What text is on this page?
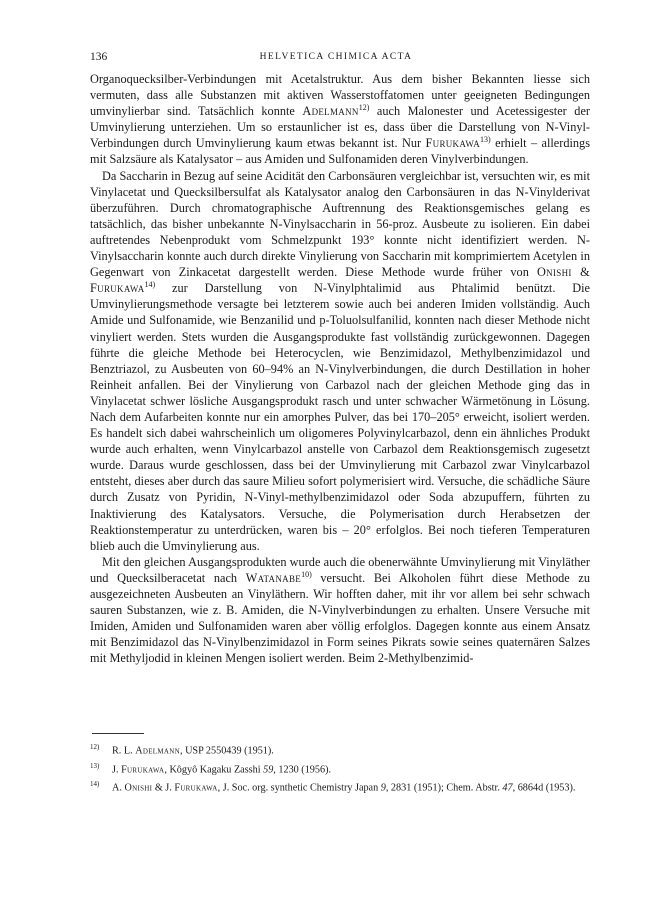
136	HELVETICA CHIMICA ACTA

Organoquecksilber-Verbindungen mit Acetalstruktur. Aus dem bisher Bekannten liesse sich vermuten, dass alle Substanzen mit aktiven Wasserstoffatomen unter geeigneten Bedingungen umvinylierbar sind. Tatsächlich konnte Adelmann$^{12)}$ auch Malonester und Acetessigester der Umvinylierung unterziehen. Um so erstaunlicher ist es, dass über die Darstellung von N-Vinyl-Verbindungen durch Umvinylierung kaum etwas bekannt ist. Nur Furukawa$^{13)}$ erhielt – allerdings mit Salzsäure als Katalysator – aus Amiden und Sulfonamiden deren Vinylverbindungen.

Da Saccharin in Bezug auf seine Acidität den Carbonsäuren vergleichbar ist, versuchten wir, es mit Vinylacetat und Quecksilbersulfat als Katalysator analog den Carbonsäuren in das N-Vinylderivat überzuführen. Durch chromatographische Auftrennung des Reaktionsgemisches gelang es tatsächlich, das bisher unbekannte N-Vinylsaccharin in 56-proz. Ausbeute zu isolieren. Ein dabei auftretendes Nebenprodukt vom Schmelzpunkt 193° konnte nicht identifiziert werden. N-Vinylsaccharin konnte auch durch direkte Vinylierung von Saccharin mit komprimiertem Acetylen in Gegenwart von Zinkacetat dargestellt werden. Diese Methode wurde früher von Onishi & Furukawa$^{14)}$ zur Darstellung von N-Vinylphtalimid aus Phtalimid benützt. Die Umvinylierungsmethode versagte bei letzterem sowie auch bei anderen Imiden vollständig. Auch Amide und Sulfonamide, wie Benzanilid und p-Toluolsulfanilid, konnten nach dieser Methode nicht vinyliert werden. Stets wurden die Ausgangsprodukte fast vollständig zurückgewonnen. Dagegen führte die gleiche Methode bei Heterocyclen, wie Benzimidazol, Methylbenzimidazol und Benztriazol, zu Ausbeuten von 60–94% an N-Vinylverbindungen, die durch Destillation in hoher Reinheit anfallen. Bei der Vinylierung von Carbazol nach der gleichen Methode ging das in Vinylacetat schwer lösliche Ausgangsprodukt rasch und unter schwacher Wärmetönung in Lösung. Nach dem Aufarbeiten konnte nur ein amorphes Pulver, das bei 170–205° erweicht, isoliert werden. Es handelt sich dabei wahrscheinlich um oligomeres Polyvinylcarbazol, denn ein ähnliches Produkt wurde auch erhalten, wenn Vinylcarbazol anstelle von Carbazol dem Reaktionsgemisch zugesetzt wurde. Daraus wurde geschlossen, dass bei der Umvinylierung mit Carbazol zwar Vinylcarbazol entsteht, dieses aber durch das saure Milieu sofort polymerisiert wird. Versuche, die schädliche Säure durch Zusatz von Pyridin, N-Vinyl-methylbenzimidazol oder Soda abzupuffern, führten zu Inaktivierung des Katalysators. Versuche, die Polymerisation durch Herabsetzen der Reaktionstemperatur zu unterdrücken, waren bis – 20° erfolglos. Bei noch tieferen Temperaturen blieb auch die Umvinylierung aus.

Mit den gleichen Ausgangsprodukten wurde auch die obenerwähnte Umvinylierung mit Vinyläther und Quecksilberacetat nach Watanabe$^{10)}$ versucht. Bei Alkoholen führt diese Methode zu ausgezeichneten Ausbeuten an Vinyläthern. Wir hofften daher, mit ihr vor allem bei sehr schwach sauren Substanzen, wie z. B. Amiden, die N-Vinylverbindungen zu erhalten. Unsere Versuche mit Imiden, Amiden und Sulfonamiden waren aber völlig erfolglos. Dagegen konnte aus einem Ansatz mit Benzimidazol das N-Vinylbenzimidazol in Form seines Pikrats sowie seines quaternären Salzes mit Methyljodid in kleinen Mengen isoliert werden. Beim 2-Methylbenzimid-

$^{12)}$ R. L. Adelmann, USP 2550439 (1951).

$^{13)}$ J. Furukawa, Kôgyô Kagaku Zasshi 59, 1230 (1956).

$^{14)}$ A. Onishi & J. Furukawa, J. Soc. org. synthetic Chemistry Japan 9, 2831 (1951); Chem. Abstr. 47, 6864d (1953).
